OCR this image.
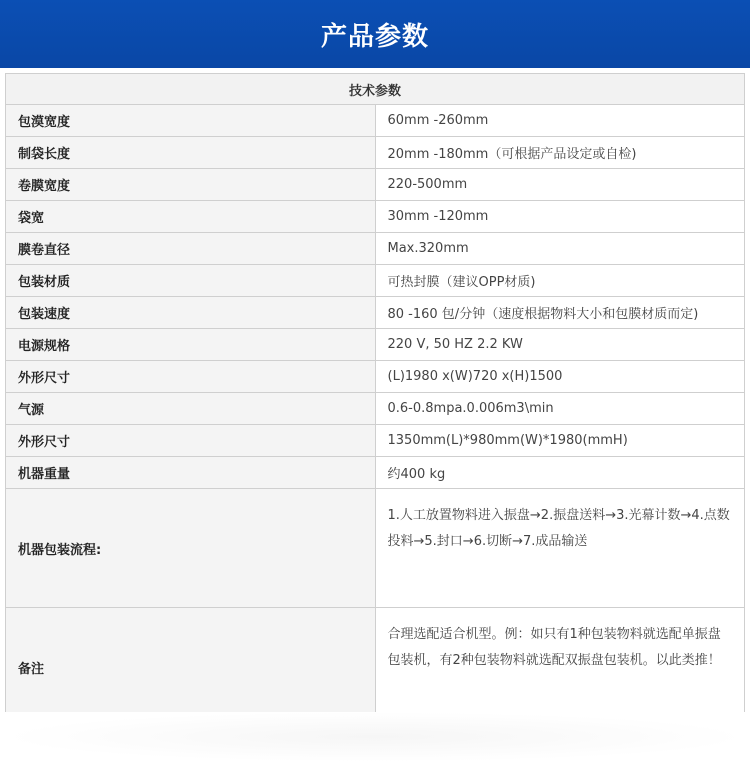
产品参数
技术参数	
包漠宽度	60mm -260mm
制袋长度	20mm -180mm（可根据产品设定或自检)
卷膜宽度	220-500mm
袋宽	30mm -120mm
膜卷直径	Max.320mm
包装材质	可热封膜（建议OPP材质)
包装速度	80 -160 包/分钟（速度根据物料大小和包膜材质而定)
电源规格	220 V, 50 HZ 2.2 KW
外形尺寸	(L)1980 x(W)720 x(H)1500
气源	0.6-0.8mpa.0.006m3\min
外形尺寸	1350mm(L)*980mm(W)*1980(mmH)
机器重量	约400 kg
机器包装流程:	1.人工放置物料进入振盘→2.振盘送料→3.光幕计数→4.点数投料→5.封口→6.切断→7.成品输送
备注	合理选配适合机型。例：如只有1种包装物料就选配单振盘包装机，有2种包装物料就选配双振盘包装机。以此类推！
